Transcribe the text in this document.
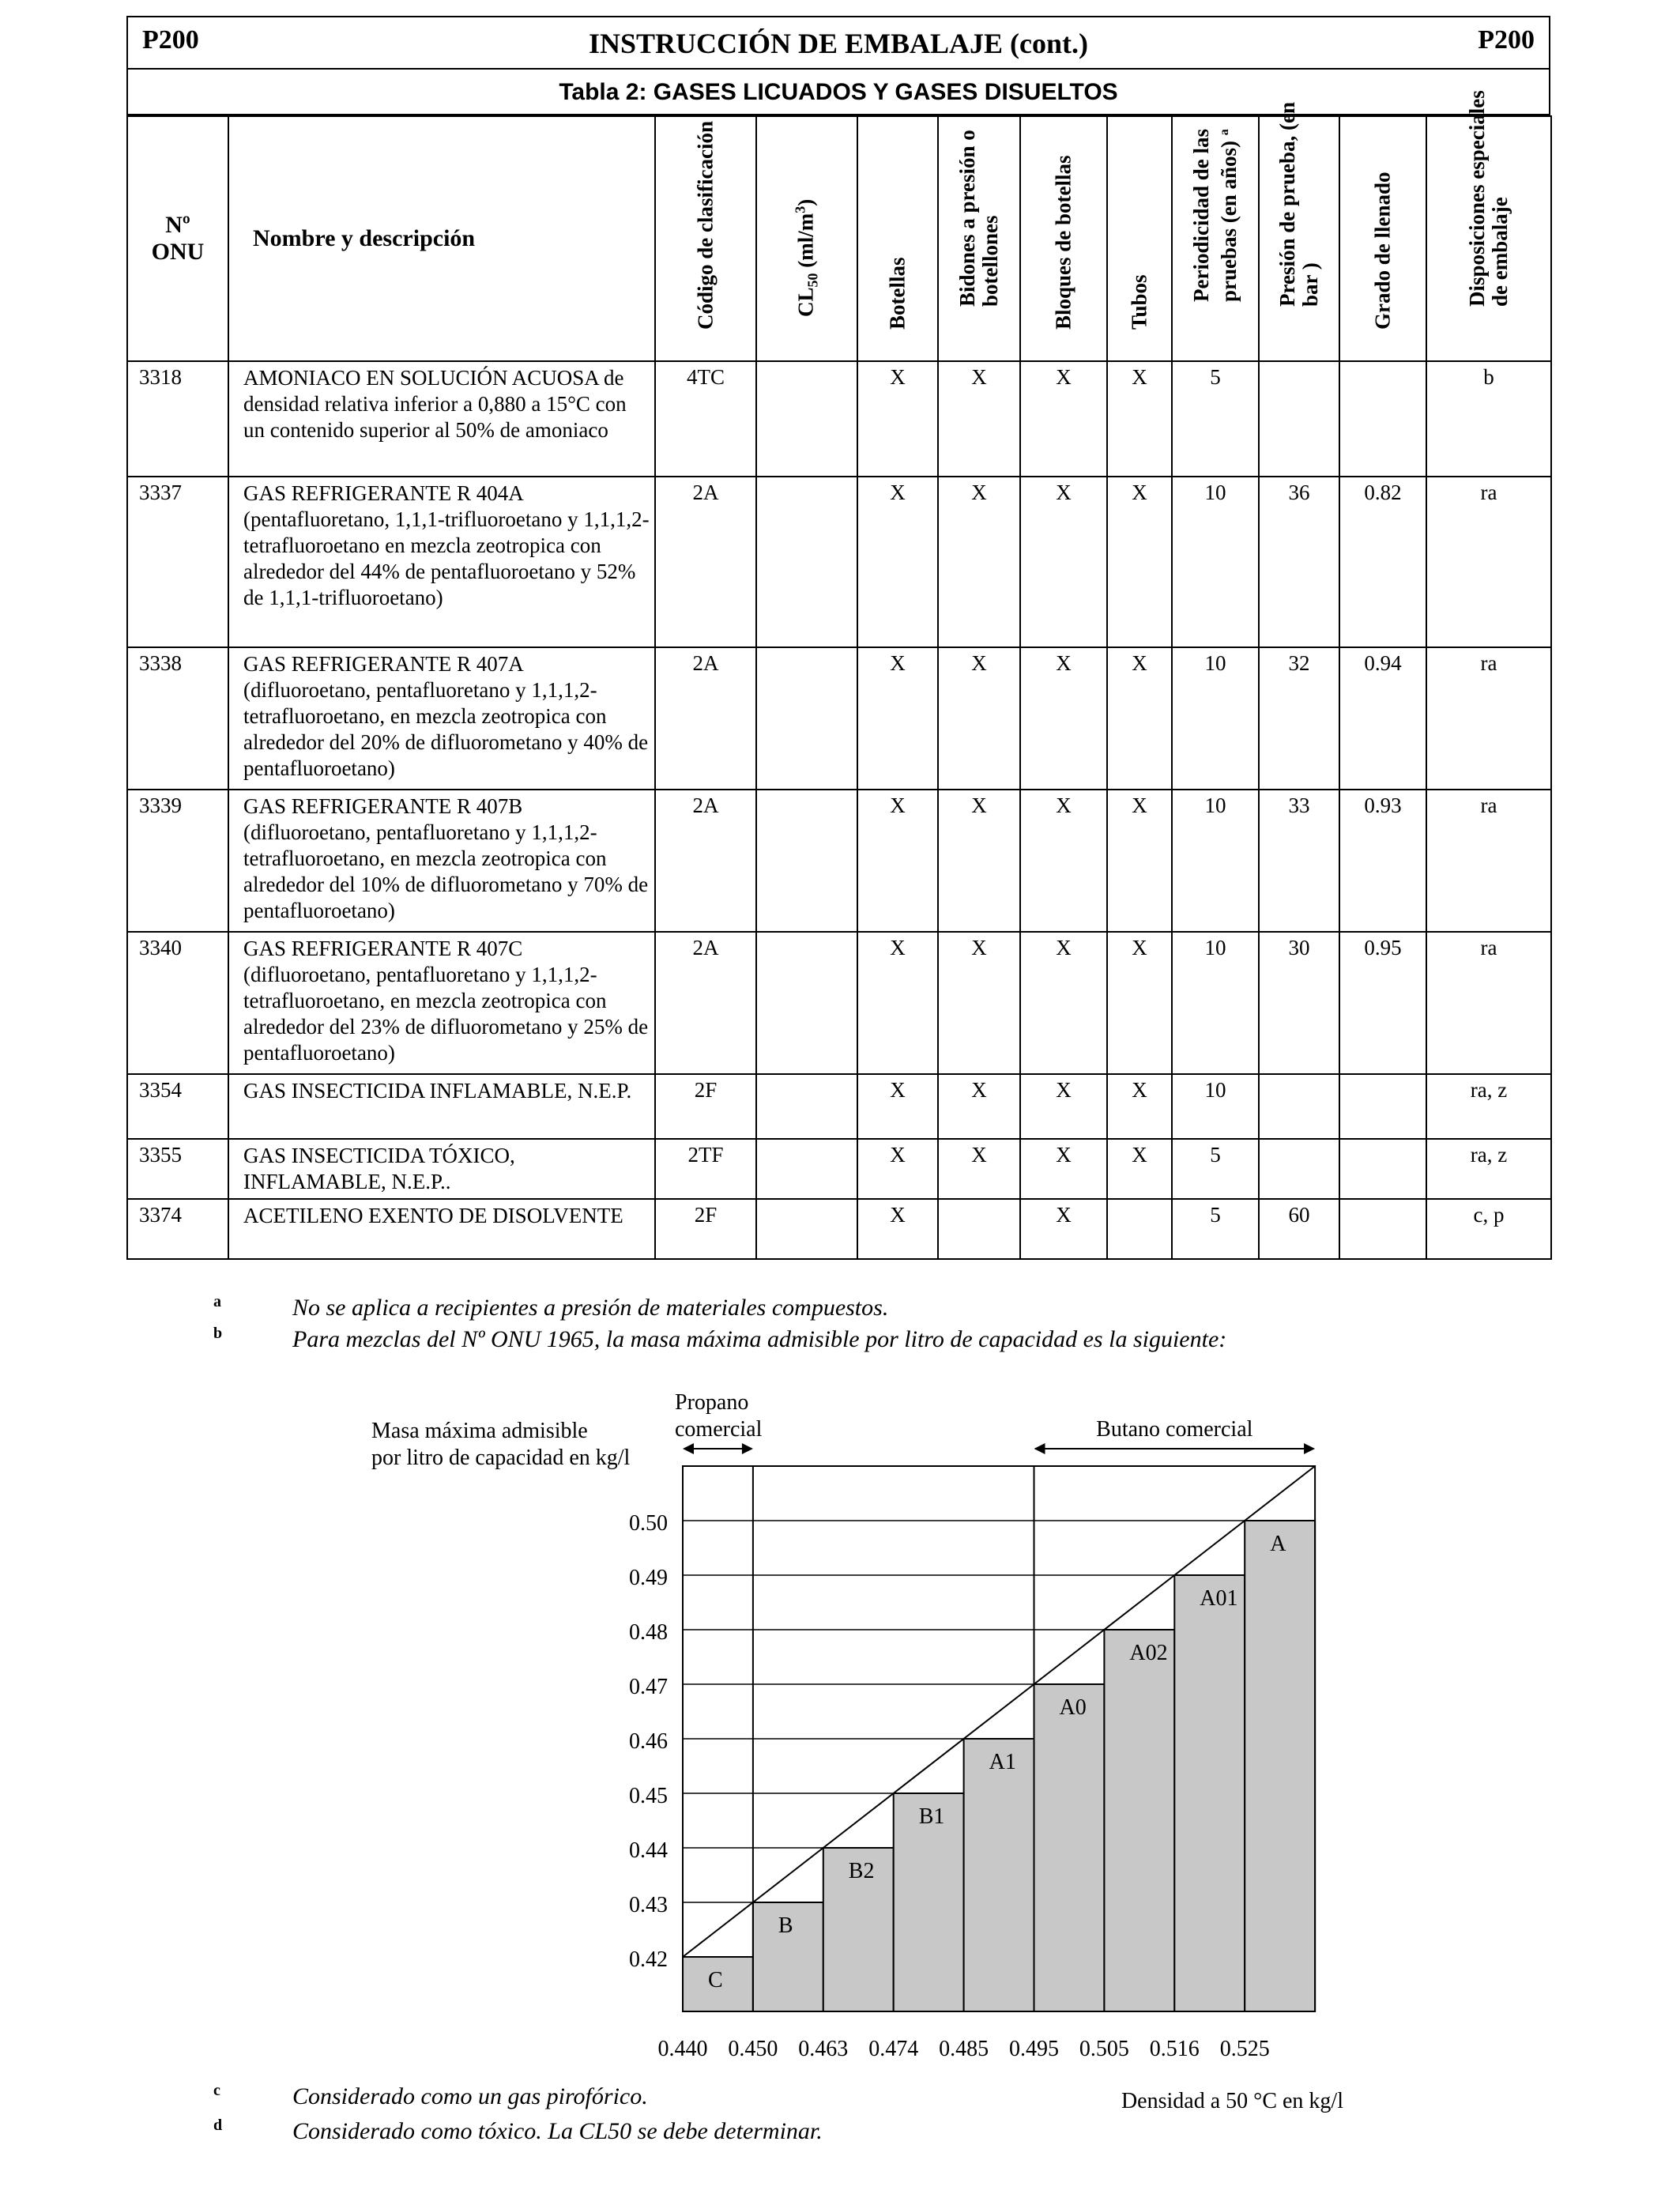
P200	INSTRUCCIÓN DE EMBALAJE (cont.)	P200
Tabla 2: GASES LICUADOS Y GASES DISUELTOS
Nº
ONU	Nombre y descripción	Código de clasificación	$CL_{50}$ $(ml/m^3)$	Botellas	Bidones a presión o
botellones	Bloques de botellas	Tubos	Periodicidad de las pruebas (en años) $^a$	Presión de prueba, (en
bar )	Grado de llenado	Disposiciones especiales
de embalaje

3318	AMONIACO EN SOLUCIÓN ACUOSA de densidad relativa inferior a 0,880 a 15°C con un contenido superior al 50% de amoniaco	4TC		X	X	X	X	5			b
3337	GAS REFRIGERANTE R 404A (pentafluoretano, 1,1,1-trifluoroetano y 1,1,1,2-tetrafluoroetano en mezcla zeotropica con alrededor del 44% de pentafluoroetano y 52% de 1,1,1-trifluoroetano)	2A		X	X	X	X	10	36	0.82	ra
3338	GAS REFRIGERANTE R 407A (difluoroetano, pentafluoretano y 1,1,1,2-tetrafluoroetano, en mezcla zeotropica con alrededor del 20% de difluorometano y 40% de pentafluoroetano)	2A		X	X	X	X	10	32	0.94	ra
3339	GAS REFRIGERANTE R 407B (difluoroetano, pentafluoretano y 1,1,1,2-tetrafluoroetano, en mezcla zeotropica con alrededor del 10% de difluorometano y 70% de pentafluoroetano)	2A		X	X	X	X	10	33	0.93	ra
3340	GAS REFRIGERANTE R 407C (difluoroetano, pentafluoretano y 1,1,1,2-tetrafluoroetano, en mezcla zeotropica con alrededor del 23% de difluorometano y 25% de pentafluoroetano)	2A		X	X	X	X	10	30	0.95	ra
3354	GAS INSECTICIDA INFLAMABLE, N.E.P.	2F		X	X	X	X	10			ra, z
3355	GAS INSECTICIDA TÓXICO, INFLAMABLE, N.E.P..	2TF		X	X	X	X	5			ra, z
3374	ACETILENO EXENTO DE DISOLVENTE	2F		X		X		5	60		c, p
a	No se aplica a recipientes a presión de materiales compuestos.
b	Para mezclas del Nº ONU 1965, la masa máxima admisible por litro de capacidad es la siguiente:
C
B
B2
B1
A1
A0
A02
A01
A
0.50
0.49
0.48
0.47
0.46
0.45
0.44
0.43
0.42
0.440 0.450 0.463 0.474 0.485 0.495 0.505 0.516 0.525
Masa máxima admisible
por litro de capacidad en kg/l
Densidad a 50 °C en kg/l
Propano
comercial	Butano comercial
c	Considerado como un gas pirofórico.
d	Considerado como tóxico. La CL50 se debe determinar.
